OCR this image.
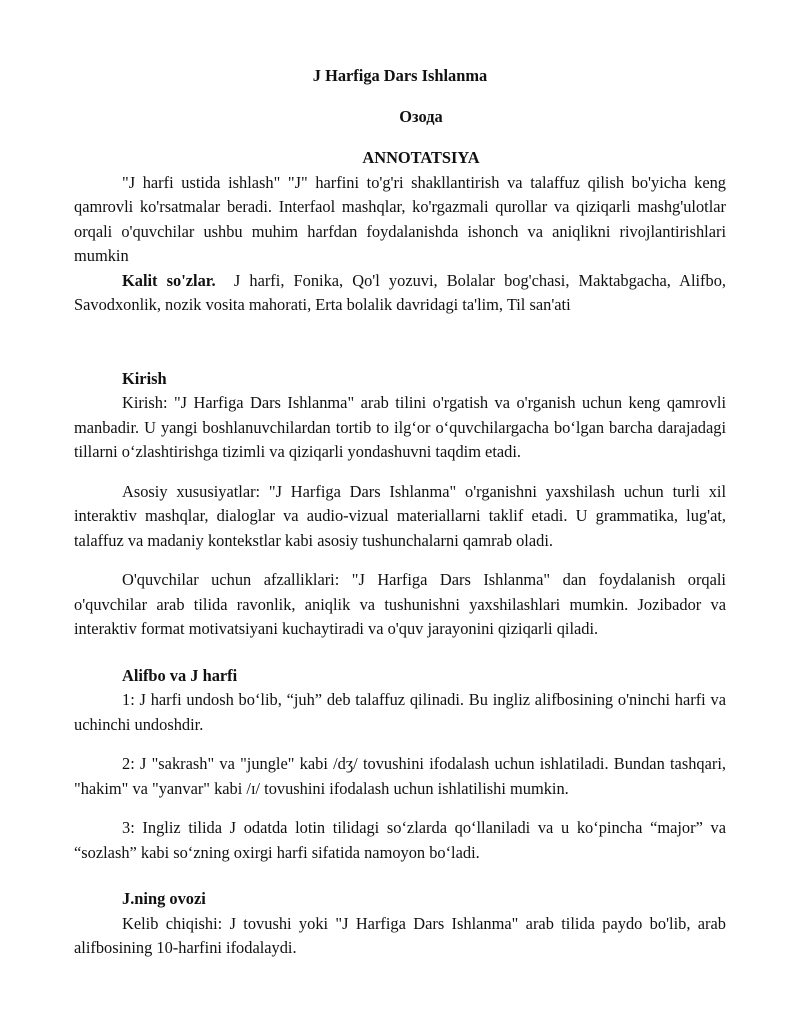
J Harfiga Dars Ishlanma
Озода
ANNOTATSIYA

"J harfi ustida ishlash" "J" harfini to'g'ri shakllantirish va talaffuz qilish bo'yicha keng qamrovli ko'rsatmalar beradi. Interfaol mashqlar, ko'rgazmali qurollar va qiziqarli mashg'ulotlar orqali o'quvchilar ushbu muhim harfdan foydalanishda ishonch va aniqlikni rivojlantirishlari mumkin

Kalit so'zlar. J harfi, Fonika, Qo'l yozuvi, Bolalar bog'chasi, Maktabgacha, Alifbo, Savodxonlik, nozik vosita mahorati, Erta bolalik davridagi ta'lim, Til san'ati

Kirish

Kirish: "J Harfiga Dars Ishlanma" arab tilini o'rgatish va o'rganish uchun keng qamrovli manbadir. U yangi boshlanuvchilardan tortib to ilg‘or o‘quvchilargacha bo‘lgan barcha darajadagi tillarni o‘zlashtirishga tizimli va qiziqarli yondashuvni taqdim etadi.

Asosiy xususiyatlar: "J Harfiga Dars Ishlanma" o'rganishni yaxshilash uchun turli xil interaktiv mashqlar, dialoglar va audio-vizual materiallarni taklif etadi. U grammatika, lug'at, talaffuz va madaniy kontekstlar kabi asosiy tushunchalarni qamrab oladi.

O'quvchilar uchun afzalliklari: "J Harfiga Dars Ishlanma" dan foydalanish orqali o'quvchilar arab tilida ravonlik, aniqlik va tushunishni yaxshilashlari mumkin. Jozibador va interaktiv format motivatsiyani kuchaytiradi va o'quv jarayonini qiziqarli qiladi.

Alifbo va J harfi

1: J harfi undosh bo‘lib, “juh” deb talaffuz qilinadi. Bu ingliz alifbosining o'ninchi harfi va uchinchi undoshdir.

2: J "sakrash" va "jungle" kabi /dʒ/ tovushini ifodalash uchun ishlatiladi. Bundan tashqari, "hakim" va "yanvar" kabi /ɪ/ tovushini ifodalash uchun ishlatilishi mumkin.

3: Ingliz tilida J odatda lotin tilidagi so‘zlarda qo‘llaniladi va u ko‘pincha “major” va “sozlash” kabi so‘zning oxirgi harfi sifatida namoyon bo‘ladi.

J.ning ovozi

Kelib chiqishi: J tovushi yoki "J Harfiga Dars Ishlanma" arab tilida paydo bo'lib, arab alifbosining 10-harfini ifodalaydi.
